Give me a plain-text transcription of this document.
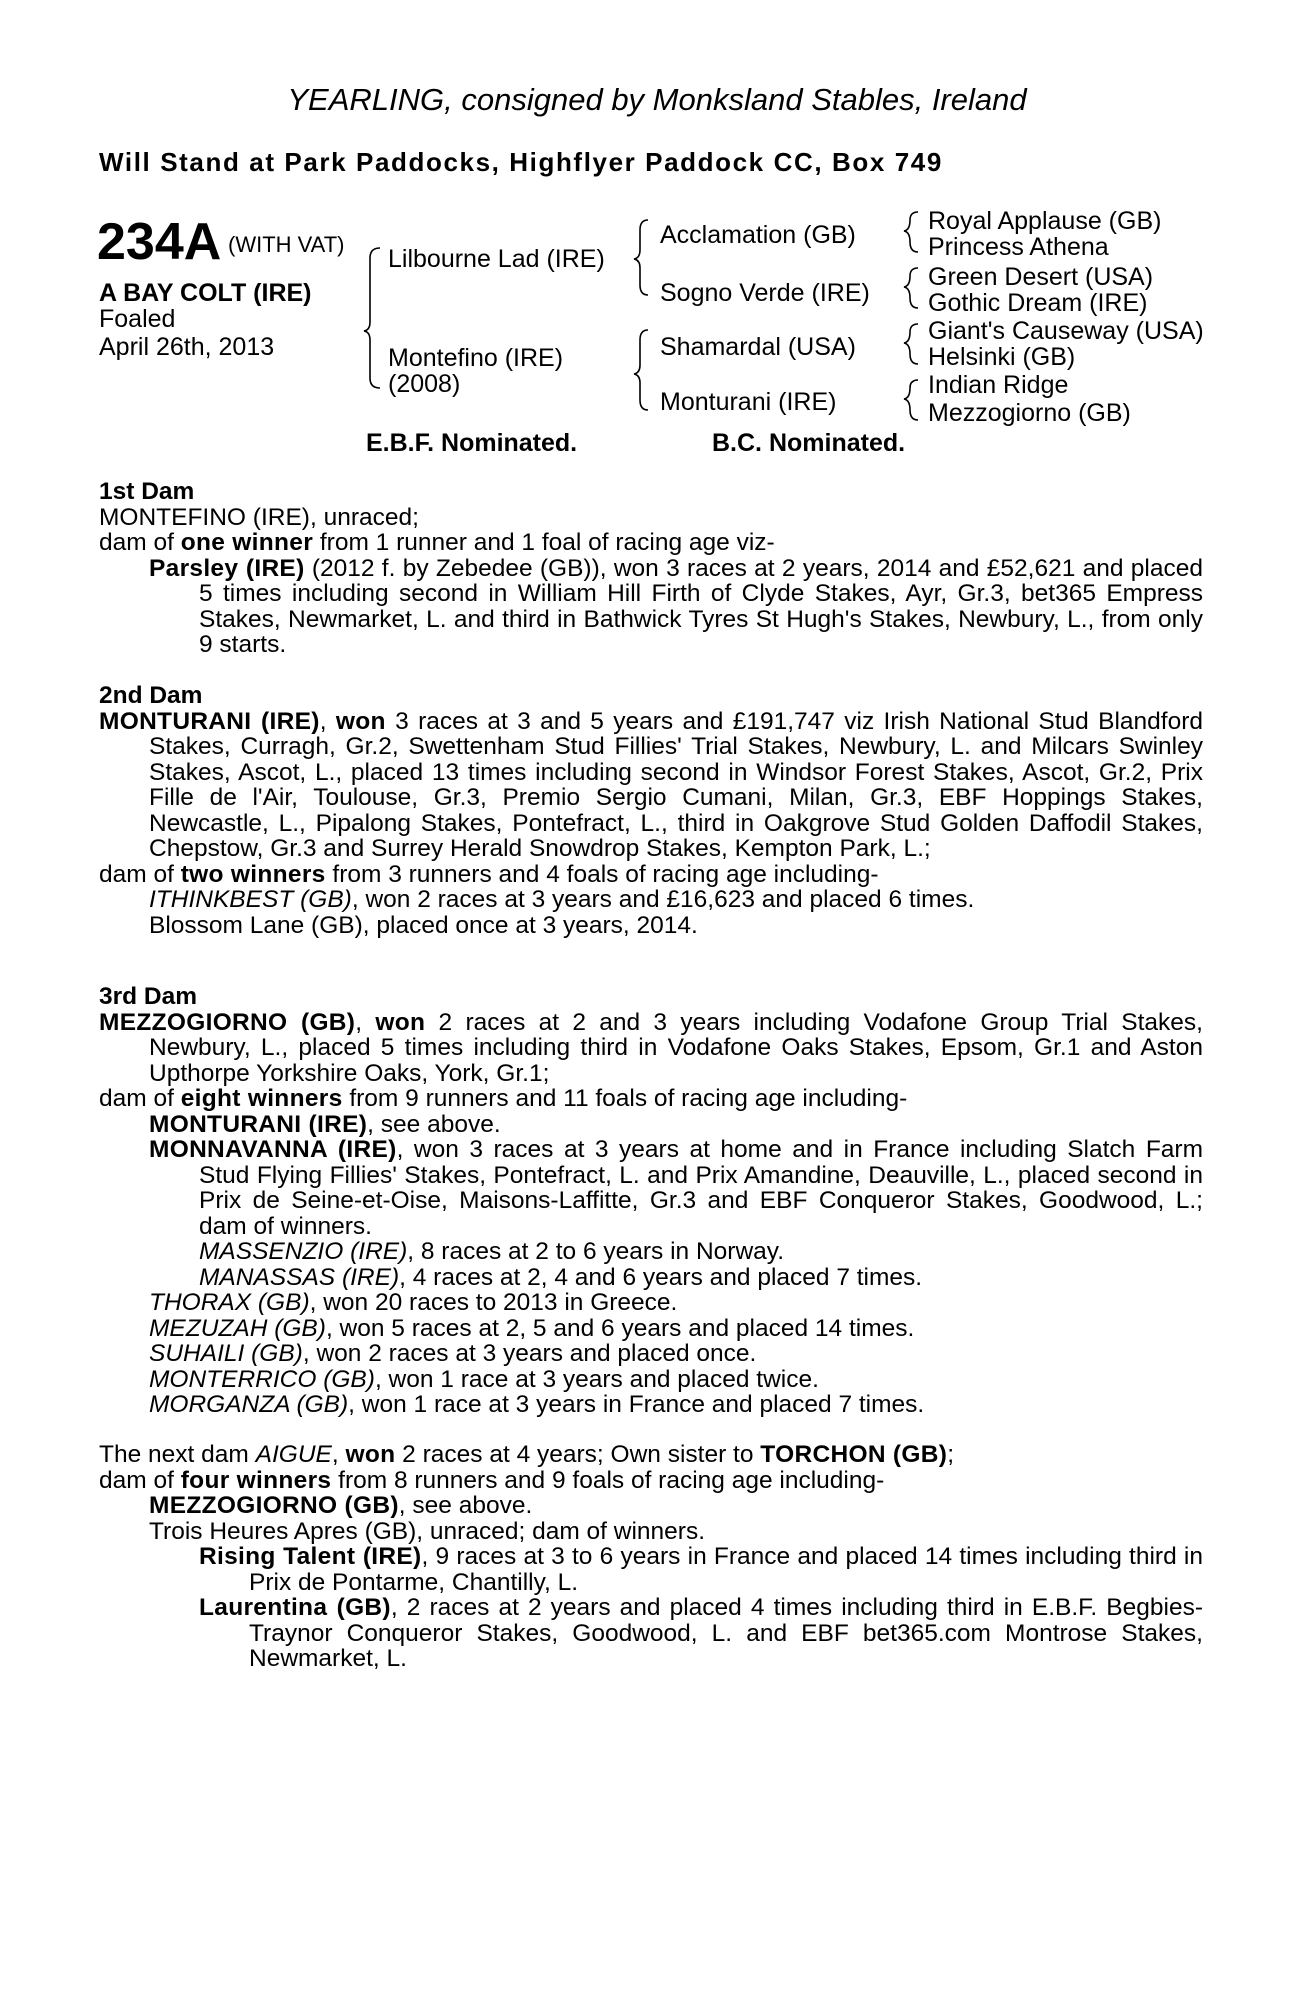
YEARLING, consigned by Monksland Stables, Ireland
Will Stand at Park Paddocks, Highflyer Paddock CC, Box 749
234A (WITH VAT)
A BAY COLT (IRE)
Foaled
April 26th, 2013
Lilbourne Lad (IRE)
Montefino (IRE)
(2008)
Acclamation (GB)
Sogno Verde (IRE)
Shamardal (USA)
Monturani (IRE)
Royal Applause (GB)
Princess Athena
Green Desert (USA)
Gothic Dream (IRE)
Giant's Causeway (USA)
Helsinki (GB)
Indian Ridge
Mezzogiorno (GB)
E.B.F. Nominated.	B.C. Nominated.
1st Dam
MONTEFINO (IRE), unraced;
dam of one winner from 1 runner and 1 foal of racing age viz-
Parsley (IRE) (2012 f. by Zebedee (GB)), won 3 races at 2 years, 2014 and £52,621 and placed 5 times including second in William Hill Firth of Clyde Stakes, Ayr, Gr.3, bet365 Empress Stakes, Newmarket, L. and third in Bathwick Tyres St Hugh's Stakes, Newbury, L., from only 9 starts.
2nd Dam
MONTURANI (IRE), won 3 races at 3 and 5 years and £191,747 viz Irish National Stud Blandford Stakes, Curragh, Gr.2, Swettenham Stud Fillies' Trial Stakes, Newbury, L. and Milcars Swinley Stakes, Ascot, L., placed 13 times including second in Windsor Forest Stakes, Ascot, Gr.2, Prix Fille de l'Air, Toulouse, Gr.3, Premio Sergio Cumani, Milan, Gr.3, EBF Hoppings Stakes, Newcastle, L., Pipalong Stakes, Pontefract, L., third in Oakgrove Stud Golden Daffodil Stakes, Chepstow, Gr.3 and Surrey Herald Snowdrop Stakes, Kempton Park, L.;
dam of two winners from 3 runners and 4 foals of racing age including-
ITHINKBEST (GB), won 2 races at 3 years and £16,623 and placed 6 times.
Blossom Lane (GB), placed once at 3 years, 2014.
3rd Dam
MEZZOGIORNO (GB), won 2 races at 2 and 3 years including Vodafone Group Trial Stakes, Newbury, L., placed 5 times including third in Vodafone Oaks Stakes, Epsom, Gr.1 and Aston Upthorpe Yorkshire Oaks, York, Gr.1;
dam of eight winners from 9 runners and 11 foals of racing age including-
MONTURANI (IRE), see above.
MONNAVANNA (IRE), won 3 races at 3 years at home and in France including Slatch Farm Stud Flying Fillies' Stakes, Pontefract, L. and Prix Amandine, Deauville, L., placed second in Prix de Seine-et-Oise, Maisons-Laffitte, Gr.3 and EBF Conqueror Stakes, Goodwood, L.; dam of winners.
MASSENZIO (IRE), 8 races at 2 to 6 years in Norway.
MANASSAS (IRE), 4 races at 2, 4 and 6 years and placed 7 times.
THORAX (GB), won 20 races to 2013 in Greece.
MEZUZAH (GB), won 5 races at 2, 5 and 6 years and placed 14 times.
SUHAILI (GB), won 2 races at 3 years and placed once.
MONTERRICO (GB), won 1 race at 3 years and placed twice.
MORGANZA (GB), won 1 race at 3 years in France and placed 7 times.
The next dam AIGUE, won 2 races at 4 years; Own sister to TORCHON (GB);
dam of four winners from 8 runners and 9 foals of racing age including-
MEZZOGIORNO (GB), see above.
Trois Heures Apres (GB), unraced; dam of winners.
Rising Talent (IRE), 9 races at 3 to 6 years in France and placed 14 times including third in Prix de Pontarme, Chantilly, L.
Laurentina (GB), 2 races at 2 years and placed 4 times including third in E.B.F. Begbies-Traynor Conqueror Stakes, Goodwood, L. and EBF bet365.com Montrose Stakes, Newmarket, L.
